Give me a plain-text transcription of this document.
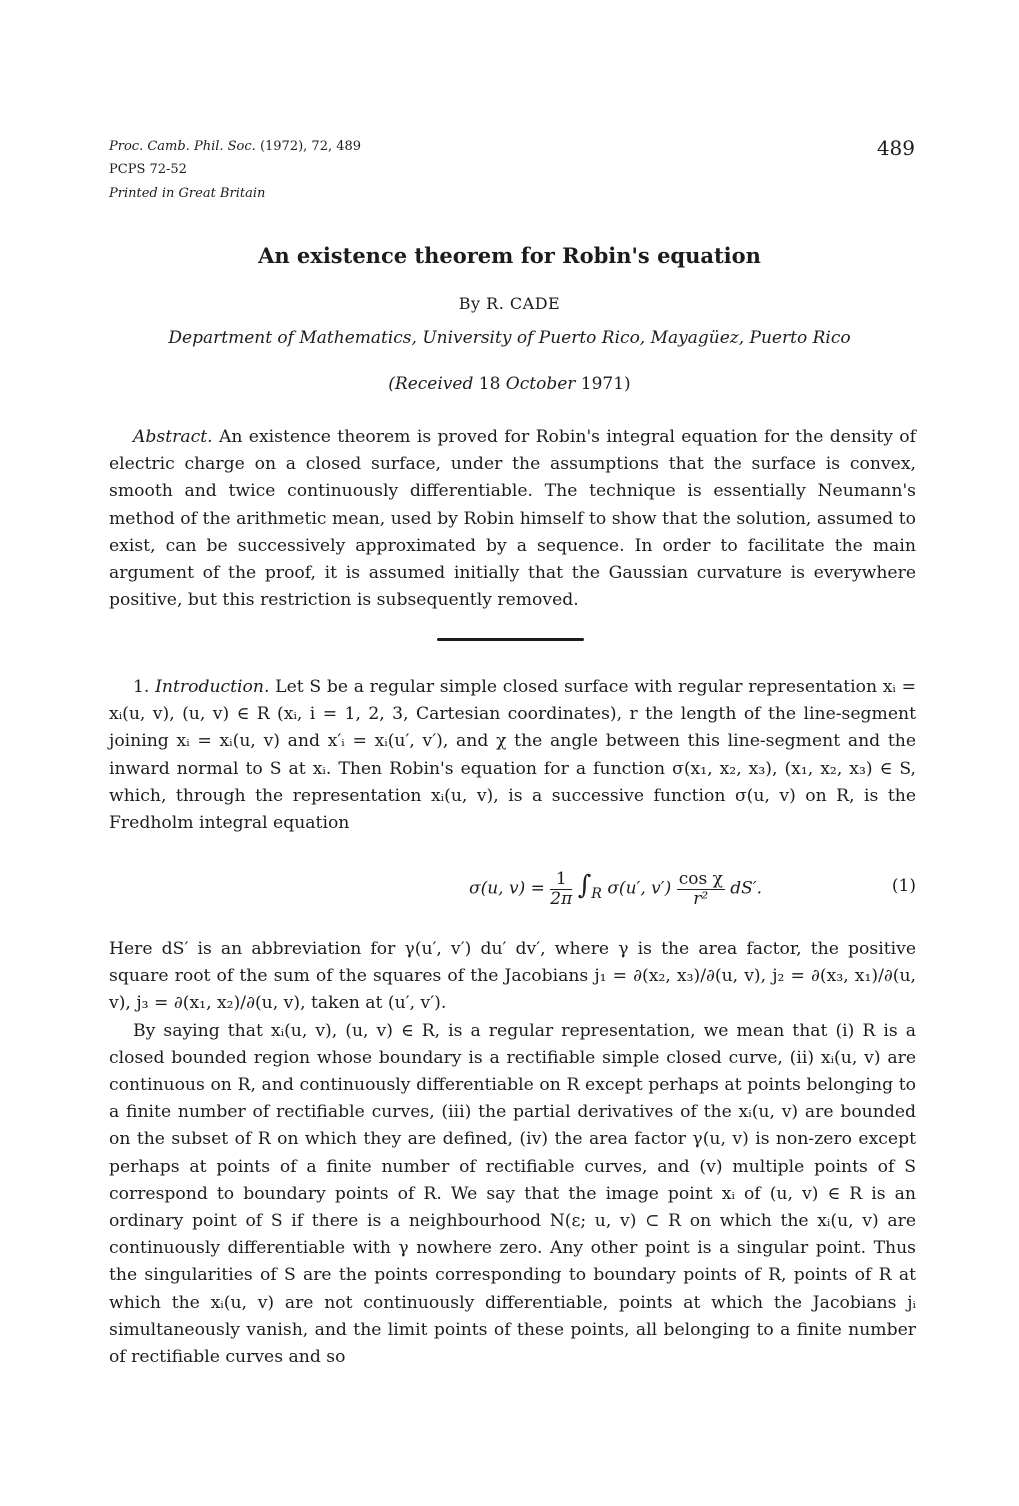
Proc. Camb. Phil. Soc. (1972), 72, 489
PCPS 72-52
Printed in Great Britain
489
An existence theorem for Robin's equation
By R. CADE
Department of Mathematics, University of Puerto Rico, Mayagüez, Puerto Rico
(Received 18 October 1971)

Abstract. An existence theorem is proved for Robin's integral equation for the density of electric charge on a closed surface, under the assumptions that the surface is convex, smooth and twice continuously differentiable. The technique is essentially Neumann's method of the arithmetic mean, used by Robin himself to show that the solution, assumed to exist, can be successively approximated by a sequence. In order to facilitate the main argument of the proof, it is assumed initially that the Gaussian curvature is everywhere positive, but this restriction is subsequently removed.

1. Introduction. Let S be a regular simple closed surface with regular representation xᵢ = xᵢ(u, v), (u, v) ∈ R (xᵢ, i = 1, 2, 3, Cartesian coordinates), r the length of the line-segment joining xᵢ = xᵢ(u, v) and x′ᵢ = xᵢ(u′, v′), and χ the angle between this line-segment and the inward normal to S at xᵢ. Then Robin's equation for a function σ(x₁, x₂, x₃), (x₁, x₂, x₃) ∈ S, which, through the representation xᵢ(u, v), is a successive function σ(u, v) on R, is the Fredholm integral equation

σ(u, $v) = \frac{1}{2\pi} \int_R$ σ(u′, $v') \frac{\text{cos χ}}{\text{r²}} dS'$.	(1)

Here dS′ is an abbreviation for γ(u′, v′) du′ dv′, where γ is the area factor, the positive square root of the sum of the squares of the Jacobians j₁ = ∂(x₂, x₃)/∂(u, v), j₂ = ∂(x₃, x₁)/∂(u, v), j₃ = ∂(x₁, x₂)/∂(u, v), taken at (u′, v′).

By saying that xᵢ(u, v), (u, v) ∈ R, is a regular representation, we mean that (i) R is a closed bounded region whose boundary is a rectifiable simple closed curve, (ii) xᵢ(u, v) are continuous on R, and continuously differentiable on R except perhaps at points belonging to a finite number of rectifiable curves, (iii) the partial derivatives of the xᵢ(u, v) are bounded on the subset of R on which they are defined, (iv) the area factor γ(u, v) is non-zero except perhaps at points of a finite number of rectifiable curves, and (v) multiple points of S correspond to boundary points of R. We say that the image point xᵢ of (u, v) ∈ R is an ordinary point of S if there is a neighbourhood N(ε; u, v) ⊂ R on which the xᵢ(u, v) are continuously differentiable with γ nowhere zero. Any other point is a singular point. Thus the singularities of S are the points corresponding to boundary points of R, points of R at which the xᵢ(u, v) are not continuously differentiable, points at which the Jacobians jᵢ simultaneously vanish, and the limit points of these points, all belonging to a finite number of rectifiable curves and so
